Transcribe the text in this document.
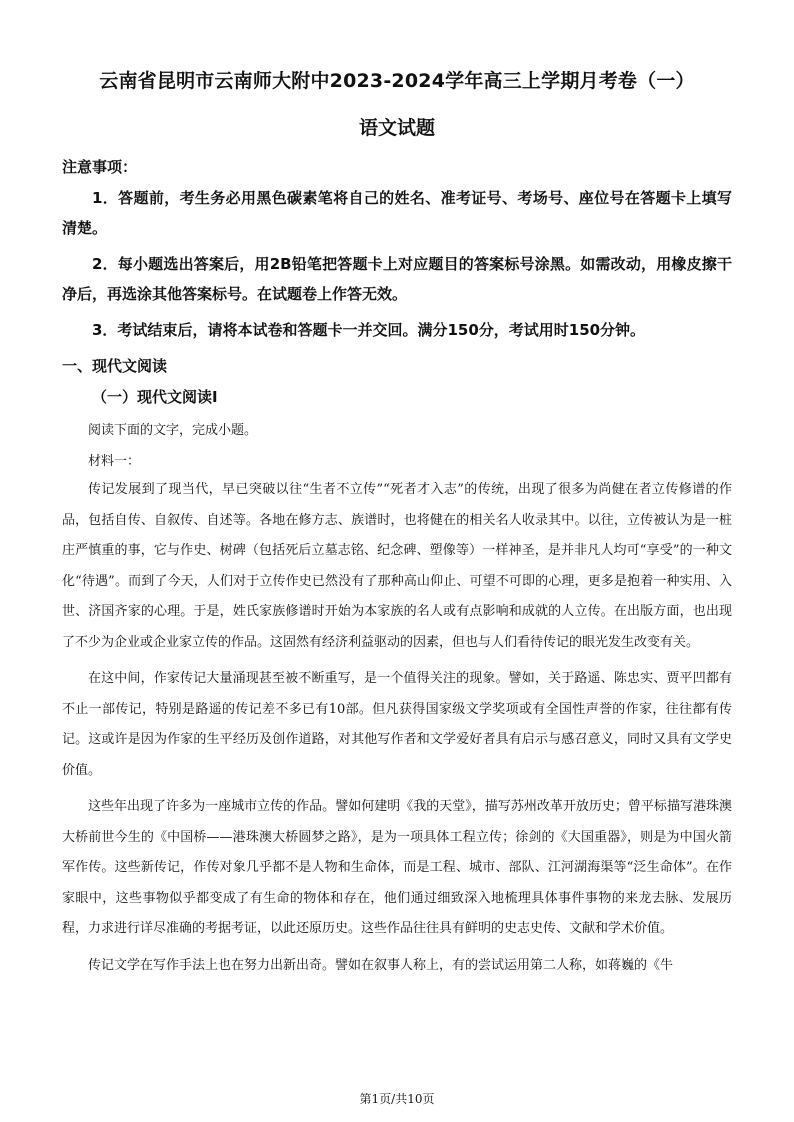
云南省昆明市云南师大附中2023-2024学年高三上学期月考卷（一）
语文试题
注意事项：

1．答题前，考生务必用黑色碳素笔将自己的姓名、准考证号、考场号、座位号在答题卡上填写清楚。

2．每小题选出答案后，用2B铅笔把答题卡上对应题目的答案标号涂黑。如需改动，用橡皮擦干净后，再选涂其他答案标号。在试题卷上作答无效。

3．考试结束后，请将本试卷和答题卡一并交回。满分150分，考试用时150分钟。

一、现代文阅读
（一）现代文阅读Ⅰ

阅读下面的文字，完成小题。

材料一：

传记发展到了现当代，早已突破以往“生者不立传”“死者才入志”的传统，出现了很多为尚健在者立传修谱的作品，包括自传、自叙传、自述等。各地在修方志、族谱时，也将健在的相关名人收录其中。以往，立传被认为是一桩庄严慎重的事，它与作史、树碑（包括死后立墓志铭、纪念碑、塑像等）一样神圣，是并非凡人均可“享受”的一种文化“待遇”。而到了今天，人们对于立传作史已然没有了那种高山仰止、可望不可即的心理，更多是抱着一种实用、入世、济国齐家的心理。于是，姓氏家族修谱时开始为本家族的名人或有点影响和成就的人立传。在出版方面，也出现了不少为企业或企业家立传的作品。这固然有经济利益驱动的因素，但也与人们看待传记的眼光发生改变有关。

在这中间，作家传记大量涌现甚至被不断重写，是一个值得关注的现象。譬如，关于路遥、陈忠实、贾平凹都有不止一部传记，特别是路遥的传记差不多已有10部。但凡获得国家级文学奖项或有全国性声誉的作家，往往都有传记。这或许是因为作家的生平经历及创作道路，对其他写作者和文学爱好者具有启示与感召意义，同时又具有文学史价值。

这些年出现了许多为一座城市立传的作品。譬如何建明《我的天堂》，描写苏州改革开放历史；曾平标描写港珠澳大桥前世今生的《中国桥——港珠澳大桥圆梦之路》，是为一项具体工程立传；徐剑的《大国重器》，则是为中国火箭军作传。这些新传记，作传对象几乎都不是人物和生命体，而是工程、城市、部队、江河湖海渠等“泛生命体”。在作家眼中，这些事物似乎都变成了有生命的物体和存在，他们通过细致深入地梳理具体事件事物的来龙去脉、发展历程，力求进行详尽准确的考据考证，以此还原历史。这些作品往往具有鲜明的史志史传、文献和学术价值。

传记文学在写作手法上也在努力出新出奇。譬如在叙事人称上，有的尝试运用第二人称，如蒋巍的《牛

第1页/共10页
